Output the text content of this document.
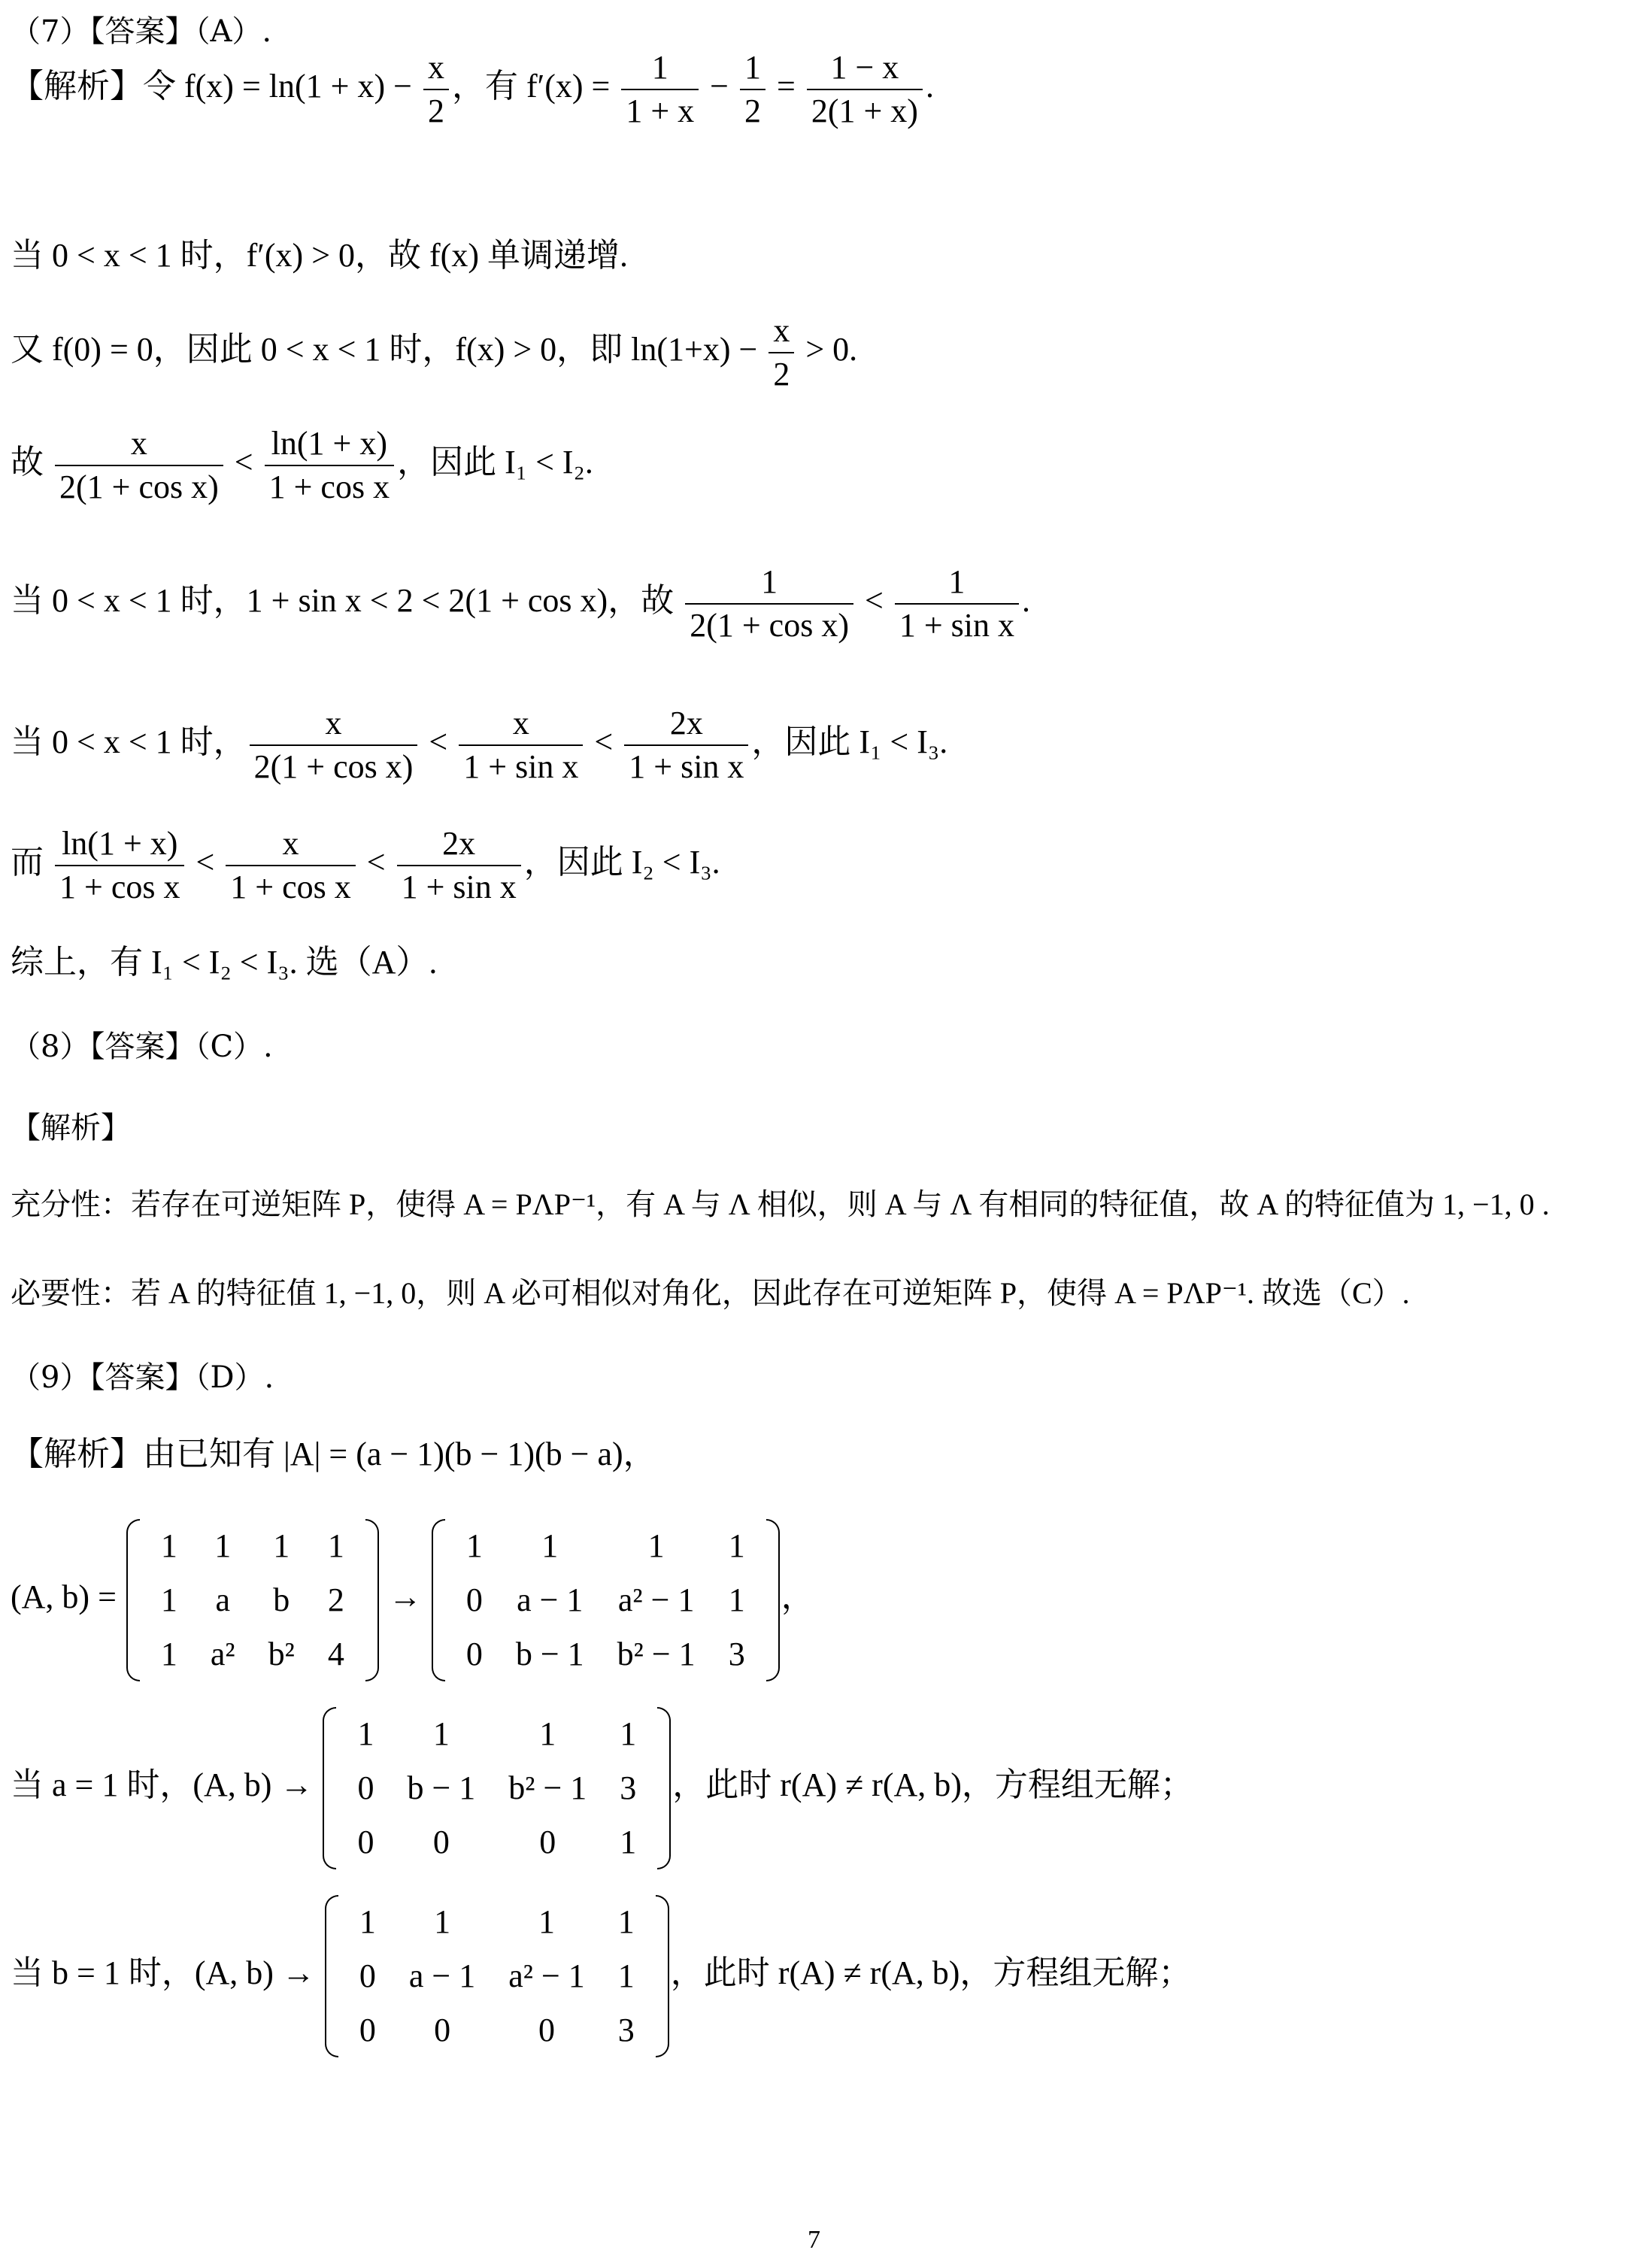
（7）【答案】（A）.
【解析】令 $f(x) = \ln(1 + x) - \frac{x}{2}$ ，有 $f'(x) = \frac{1}{1 + x} - \frac{1}{2} = \frac{1 - x}{2(1 + x)}$ .
当 0 < x < 1 时，f′(x) > 0，故 f(x) 单调递增.
又 f(0) = 0，因此 0 < x < 1 时，f(x) > 0，即 $\ln(1+x) - \frac{x}{2} > 0$.
故 $\frac{x}{\text{2(1 + cos x)}} < \frac{\ln(1 + x)}{\text{1 + cos x}}$ ，因此 I₁ < I₂.
当 0 < x < 1 时，1 + sin x < 2 < 2(1 + cos x)，故 $\frac{1}{\text{2(1 + cos x)}} < \frac{1}{\text{1 + sin x}}$ .
当 0 < x < 1 时， $\frac{x}{\text{2(1 + cos x)}} < \frac{x}{\text{1 + sin x}} < \frac{2x}{\text{1 + sin x}}$ ，因此 I₁ < I₃.
而 $\frac{\ln(1 + x)}{\text{1 + cos x}} < \frac{x}{\text{1 + cos x}} < \frac{2x}{\text{1 + sin x}}$ ，因此 I₂ < I₃.
综上，有 I₁ < I₂ < I₃. 选（A）.
（8）【答案】（C）.
【解析】
充分性：若存在可逆矩阵 P，使得 A = PΛP⁻¹，有 A 与 Λ 相似，则 A 与 Λ 有相同的特征值，故 A 的特征值为 1, −1, 0 .
必要性：若 A 的特征值 1, −1, 0，则 A 必可相似对角化，因此存在可逆矩阵 P，使得 A = PΛP⁻¹. 故选（C）.
（9）【答案】（D）.
【解析】由已知有 |A| = (a − 1)(b − 1)(b − a)，
(A, b) =
1	1	1	1
1	a	b	2
1	a²	b²	4
→
1	1	1	1
0	a − 1	a² − 1	1
0	b − 1	b² − 1	3
，
当 a = 1 时，(A, b) →
1	1	1	1
0	b − 1	b² − 1	3
0	0	0	1
，此时 r(A) ≠ r(A, b)，方程组无解；
当 b = 1 时，(A, b) →
1	1	1	1
0	a − 1	a² − 1	1
0	0	0	3
，此时 r(A) ≠ r(A, b)，方程组无解；
7
